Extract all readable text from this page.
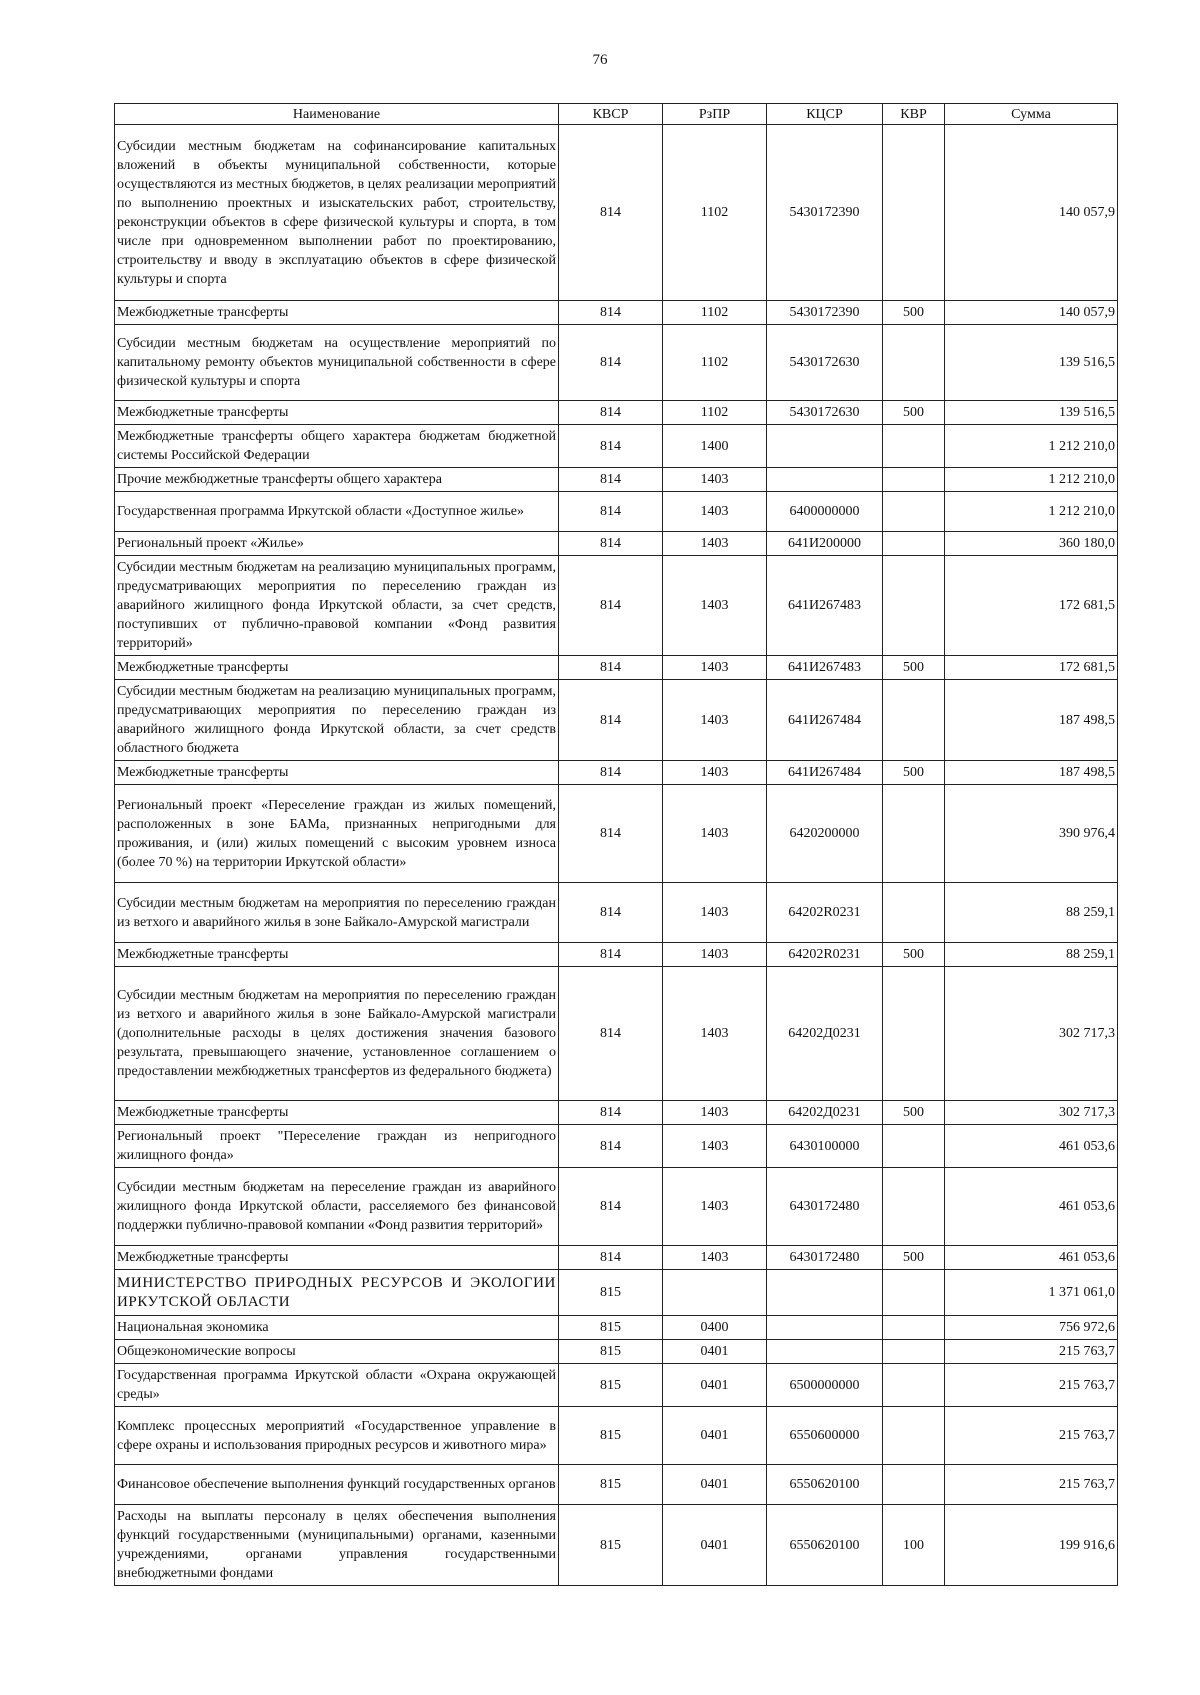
76
Наименование	КВСР	РзПР	КЦСР	КВР	Сумма
Субсидии местным бюджетам на софинансирование капитальных вложений в объекты муниципальной собственности, которые осуществляются из местных бюджетов, в целях реализации мероприятий по выполнению проектных и изыскательских работ, строительству, реконструкции объектов в сфере физической культуры и спорта, в том числе при одновременном выполнении работ по проектированию, строительству и вводу в эксплуатацию объектов в сфере физической культуры и спорта	814	1102	5430172390		140 057,9
Межбюджетные трансферты	814	1102	5430172390	500	140 057,9
Субсидии местным бюджетам на осуществление мероприятий по капитальному ремонту объектов муниципальной собственности в сфере физической культуры и спорта	814	1102	5430172630		139 516,5
Межбюджетные трансферты	814	1102	5430172630	500	139 516,5
Межбюджетные трансферты общего характера бюджетам бюджетной системы Российской Федерации	814	1400			1 212 210,0
Прочие межбюджетные трансферты общего характера	814	1403			1 212 210,0
Государственная программа Иркутской области «Доступное жилье»	814	1403	6400000000		1 212 210,0
Региональный проект «Жилье»	814	1403	641И200000		360 180,0
Субсидии местным бюджетам на реализацию муниципальных программ, предусматривающих мероприятия по переселению граждан из аварийного жилищного фонда Иркутской области, за счет средств, поступивших от публично-правовой компании «Фонд развития территорий»	814	1403	641И267483		172 681,5
Межбюджетные трансферты	814	1403	641И267483	500	172 681,5
Субсидии местным бюджетам на реализацию муниципальных программ, предусматривающих мероприятия по переселению граждан из аварийного жилищного фонда Иркутской области, за счет средств областного бюджета	814	1403	641И267484		187 498,5
Межбюджетные трансферты	814	1403	641И267484	500	187 498,5
Региональный проект «Переселение граждан из жилых помещений, расположенных в зоне БАМа, признанных непригодными для проживания, и (или) жилых помещений с высоким уровнем износа (более 70 %) на территории Иркутской области»	814	1403	6420200000		390 976,4
Субсидии местным бюджетам на мероприятия по переселению граждан из ветхого и аварийного жилья в зоне Байкало-Амурской магистрали	814	1403	64202R0231		88 259,1
Межбюджетные трансферты	814	1403	64202R0231	500	88 259,1
Субсидии местным бюджетам на мероприятия по переселению граждан из ветхого и аварийного жилья в зоне Байкало-Амурской магистрали (дополнительные расходы в целях достижения значения базового результата, превышающего значение, установленное соглашением о предоставлении межбюджетных трансфертов из федерального бюджета)	814	1403	64202Д0231		302 717,3
Межбюджетные трансферты	814	1403	64202Д0231	500	302 717,3
Региональный проект "Переселение граждан из непригодного жилищного фонда»	814	1403	6430100000		461 053,6
Субсидии местным бюджетам на переселение граждан из аварийного жилищного фонда Иркутской области, расселяемого без финансовой поддержки публично-правовой компании «Фонд развития территорий»	814	1403	6430172480		461 053,6
Межбюджетные трансферты	814	1403	6430172480	500	461 053,6
МИНИСТЕРСТВО ПРИРОДНЫХ РЕСУРСОВ И ЭКОЛОГИИ ИРКУТСКОЙ ОБЛАСТИ	815				1 371 061,0
Национальная экономика	815	0400			756 972,6
Общеэкономические вопросы	815	0401			215 763,7
Государственная программа Иркутской области «Охрана окружающей среды»	815	0401	6500000000		215 763,7
Комплекс процессных мероприятий «Государственное управление в сфере охраны и использования природных ресурсов и животного мира»	815	0401	6550600000		215 763,7
Финансовое обеспечение выполнения функций государственных органов	815	0401	6550620100		215 763,7
Расходы на выплаты персоналу в целях обеспечения выполнения функций государственными (муниципальными) органами, казенными учреждениями, органами управления государственными внебюджетными фондами	815	0401	6550620100	100	199 916,6
